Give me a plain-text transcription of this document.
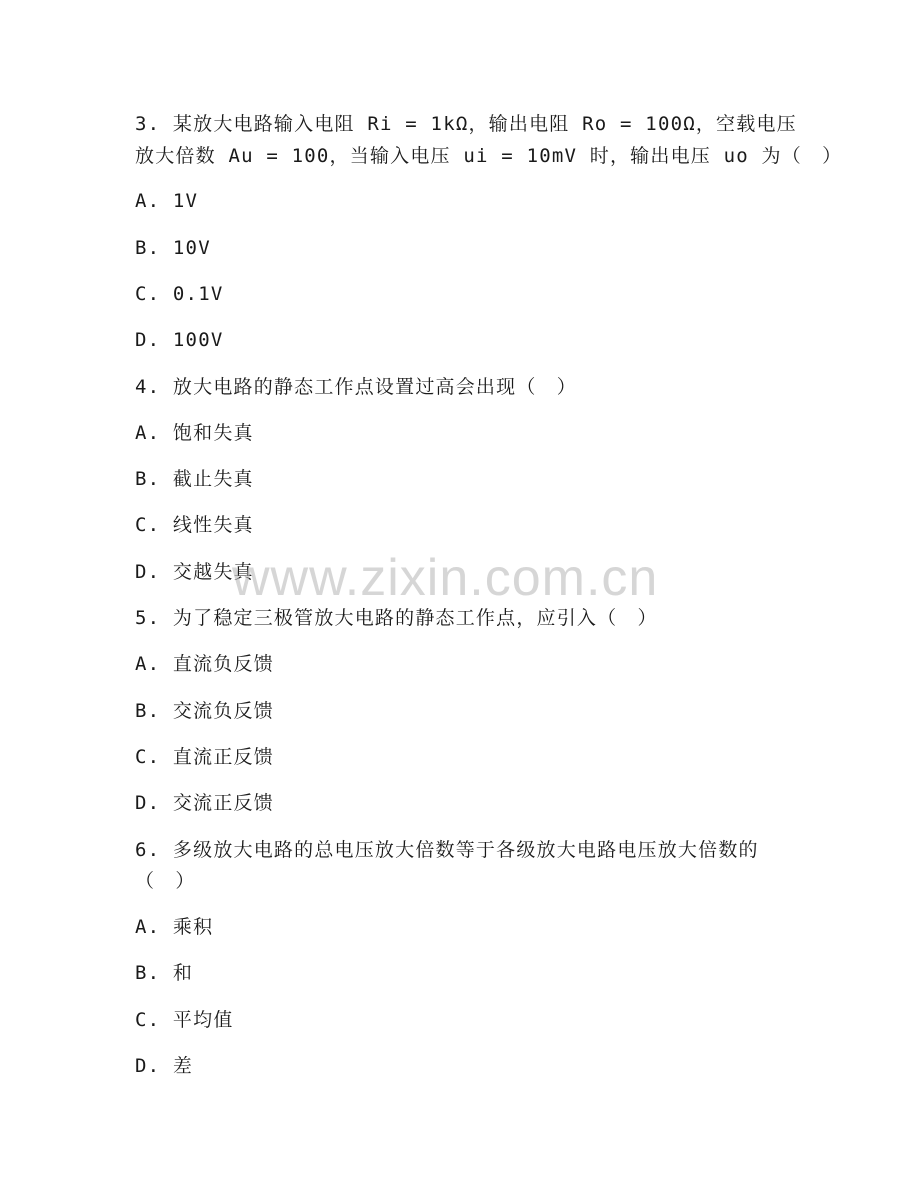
3. 某放大电路输入电阻 Ri = 1kΩ，输出电阻 Ro = 100Ω，空载电压
放大倍数 Au = 100，当输入电压 ui = 10mV 时，输出电压 uo 为（　）
A. 1V
B. 10V
C. 0.1V
D. 100V
4. 放大电路的静态工作点设置过高会出现（　）
A. 饱和失真
B. 截止失真
C. 线性失真
D. 交越失真
5. 为了稳定三极管放大电路的静态工作点，应引入（　）
A. 直流负反馈
B. 交流负反馈
C. 直流正反馈
D. 交流正反馈
6. 多级放大电路的总电压放大倍数等于各级放大电路电压放大倍数的
（　）
A. 乘积
B. 和
C. 平均值
D. 差
www.zixin.com.cn
